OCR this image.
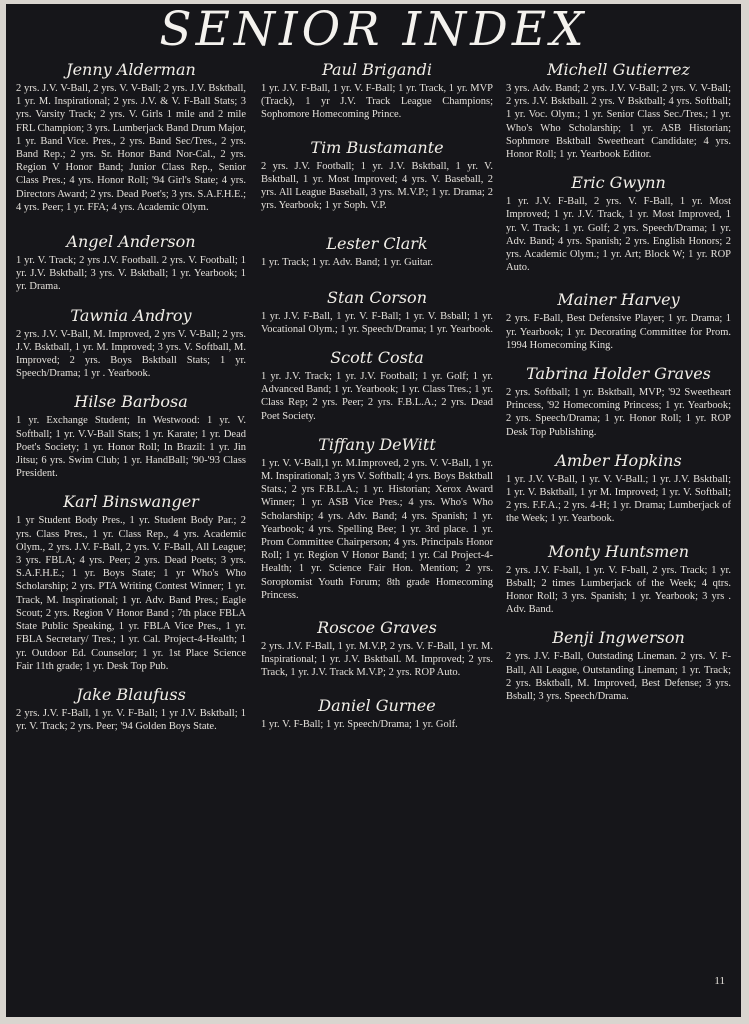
SENIOR INDEX
Jenny Alderman
2 yrs. J.V. V-Ball, 2 yrs. V. V-Ball; 2 yrs. J.V. Bsktball, 1 yr. M. Inspirational; 2 yrs. J.V. & V. F-Ball Stats; 3 yrs. Varsity Track; 2 yrs. V. Girls 1 mile and 2 mile FRL Champion; 3 yrs. Lumberjack Band Drum Major, 1 yr. Band Vice. Pres., 2 yrs. Band Sec/Tres., 2 yrs. Band Rep.; 2 yrs. Sr. Honor Band Nor-Cal., 2 yrs. Region V Honor Band; Junior Class Rep., Senior Class Pres.; 4 yrs. Honor Roll; '94 Girl's State; 4 yrs. Directors Award; 2 yrs. Dead Poet's; 3 yrs. S.A.F.H.E.; 4 yrs. Peer; 1 yr. FFA; 4 yrs. Academic Olym.
Angel Anderson
1 yr. V. Track; 2 yrs J.V. Football. 2 yrs. V. Football; 1 yr. J.V. Bsktball; 3 yrs. V. Bsktball; 1 yr. Yearbook; 1 yr. Drama.
Tawnia Androy
2 yrs. J.V. V-Ball, M. Improved, 2 yrs V. V-Ball; 2 yrs. J.V. Bsktball, 1 yr. M. Improved; 3 yrs. V. Softball, M. Improved; 2 yrs. Boys Bsktball Stats; 1 yr. Speech/Drama; 1 yr . Yearbook.
Hilse Barbosa
1 yr. Exchange Student; In Westwood: 1 yr. V. Softball; 1 yr. V.V-Ball Stats; 1 yr. Karate; 1 yr. Dead Poet's Society; 1 yr. Honor Roll; In Brazil: 1 yr. Jin Jitsu; 6 yrs. Swim Club; 1 yr. HandBall; '90-'93 Class President.
Karl Binswanger
1 yr Student Body Pres., 1 yr. Student Body Par.; 2 yrs. Class Pres., 1 yr. Class Rep., 4 yrs. Academic Olym., 2 yrs. J.V. F-Ball, 2 yrs. V. F-Ball, All League; 3 yrs. FBLA; 4 yrs. Peer; 2 yrs. Dead Poets; 3 yrs. S.A.F.H.E.; 1 yr. Boys State; 1 yr Who's Who Scholarship; 2 yrs. PTA Writing Contest Winner; 1 yr. Track, M. Inspirational; 1 yr. Adv. Band Pres.; Eagle Scout; 2 yrs. Region V Honor Band ; 7th place FBLA State Public Speaking, 1 yr. FBLA Vice Pres., 1 yr. FBLA Secretary/ Tres.; 1 yr. Cal. Project-4-Health; 1 yr. Outdoor Ed. Counselor; 1 yr. 1st Place Science Fair 11th grade; 1 yr. Desk Top Pub.
Jake Blaufuss
2 yrs. J.V. F-Ball, 1 yr. V. F-Ball; 1 yr J.V. Bsktball; 1 yr. V. Track; 2 yrs. Peer; '94 Golden Boys State.
Paul Brigandi
1 yr. J.V. F-Ball, 1 yr. V. F-Ball; 1 yr. Track, 1 yr. MVP (Track), 1 yr J.V. Track League Champions; Sophomore Homecoming Prince.
Tim Bustamante
2 yrs. J.V. Football; 1 yr. J.V. Bsktball, 1 yr. V. Bsktball, 1 yr. Most Improved; 4 yrs. V. Baseball, 2 yrs. All League Baseball, 3 yrs. M.V.P.; 1 yr. Drama; 2 yrs. Yearbook; 1 yr Soph. V.P.
Lester Clark
1 yr. Track; 1 yr. Adv. Band; 1 yr. Guitar.
Stan Corson
1 yr. J.V. F-Ball, 1 yr. V. F-Ball; 1 yr. V. Bsball; 1 yr. Vocational Olym.; 1 yr. Speech/Drama; 1 yr. Yearbook.
Scott Costa
1 yr. J.V. Track; 1 yr. J.V. Football; 1 yr. Golf; 1 yr. Advanced Band; 1 yr. Yearbook; 1 yr. Class Tres.; 1 yr. Class Rep; 2 yrs. Peer; 2 yrs. F.B.L.A.; 2 yrs. Dead Poet Society.
Tiffany DeWitt
1 yr. V. V-Ball,1 yr. M.Improved, 2 yrs. V. V-Ball, 1 yr. M. Inspirational; 3 yrs V. Softball; 4 yrs. Boys Bsktball Stats.; 2 yrs F.B.L.A.; 1 yr. Historian; Xerox Award Winner; 1 yr. ASB Vice Pres.; 4 yrs. Who's Who Scholarship; 4 yrs. Adv. Band; 4 yrs. Spanish; 1 yr. Yearbook; 4 yrs. Spelling Bee; 1 yr. 3rd place. 1 yr. Prom Committee Chairperson; 4 yrs. Principals Honor Roll; 1 yr. Region V Honor Band; 1 yr. Cal Project-4-Health; 1 yr. Science Fair Hon. Mention; 2 yrs. Soroptomist Youth Forum; 8th grade Homecoming Princess.
Roscoe Graves
2 yrs. J.V. F-Ball, 1 yr. M.V.P, 2 yrs. V. F-Ball, 1 yr. M. Inspirational; 1 yr. J.V. Bsktball. M. Improved; 2 yrs. Track, 1 yr. J.V. Track M.V.P; 2 yrs. ROP Auto.
Daniel Gurnee
1 yr. V. F-Ball; 1 yr. Speech/Drama; 1 yr. Golf.
Michell Gutierrez
3 yrs. Adv. Band; 2 yrs. J.V. V-Ball; 2 yrs. V. V-Ball; 2 yrs. J.V. Bsktball. 2 yrs. V Bsktball; 4 yrs. Softball; 1 yr. Voc. Olym.; 1 yr. Senior Class Sec./Tres.; 1 yr. Who's Who Scholarship; 1 yr. ASB Historian; Sophmore Bsktball Sweetheart Candidate; 4 yrs. Honor Roll; 1 yr. Yearbook Editor.
Eric Gwynn
1 yr. J.V. F-Ball, 2 yrs. V. F-Ball, 1 yr. Most Improved; 1 yr. J.V. Track, 1 yr. Most Improved, 1 yr. V. Track; 1 yr. Golf; 2 yrs. Speech/Drama; 1 yr. Adv. Band; 4 yrs. Spanish; 2 yrs. English Honors; 2 yrs. Academic Olym.; 1 yr. Art; Block W; 1 yr. ROP Auto.
Mainer Harvey
2 yrs. F-Ball, Best Defensive Player; 1 yr. Drama; 1 yr. Yearbook; 1 yr. Decorating Committee for Prom. 1994 Homecoming King.
Tabrina Holder Graves
2 yrs. Softball; 1 yr. Bsktball, MVP; '92 Sweetheart Princess, '92 Homecoming Princess; 1 yr. Yearbook; 2 yrs. Speech/Drama; 1 yr. Honor Roll; 1 yr. ROP Desk Top Publishing.
Amber Hopkins
1 yr. J.V. V-Ball, 1 yr. V. V-Ball.; 1 yr. J.V. Bsktball; 1 yr. V. Bsktball, 1 yr M. Improved; 1 yr. V. Softball; 2 yrs. F.F.A.; 2 yrs. 4-H; 1 yr. Drama; Lumberjack of the Week; 1 yr. Yearbook.
Monty Huntsmen
2 yrs. J.V. F-ball, 1 yr. V. F-ball, 2 yrs. Track; 1 yr. Bsball; 2 times Lumberjack of the Week; 4 qtrs. Honor Roll; 3 yrs. Spanish; 1 yr. Yearbook; 3 yrs . Adv. Band.
Benji Ingwerson
2 yrs. J.V. F-Ball, Outstading Lineman. 2 yrs. V. F-Ball, All League, Outstanding Lineman; 1 yr. Track; 2 yrs. Bsktball, M. Improved, Best Defense; 3 yrs. Bsball; 3 yrs. Speech/Drama.
11
